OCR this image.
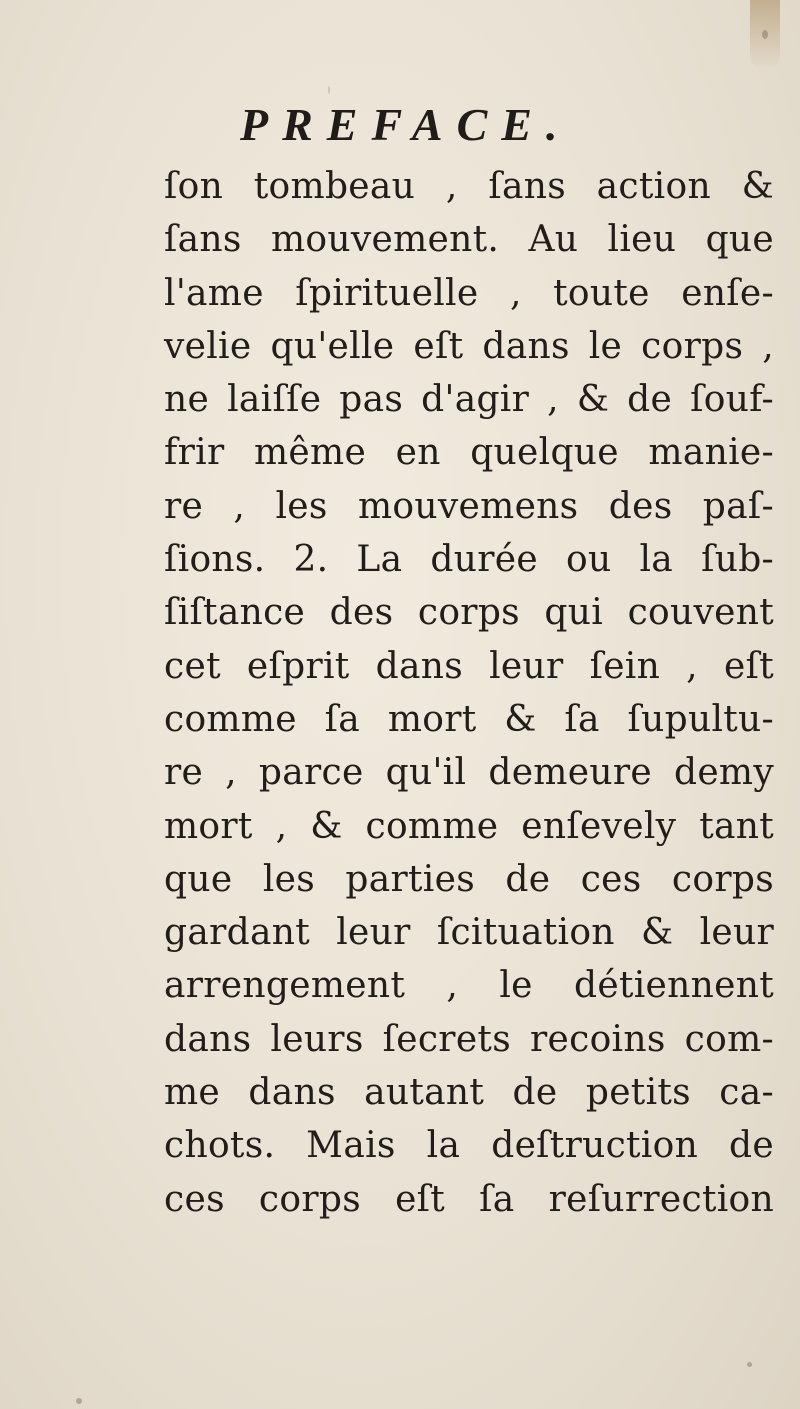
PREFACE.
ſon tombeau , ſans action &
ſans mouvement. Au lieu que
l'ame ſpirituelle , toute enſe-
velie qu'elle eſt dans le corps ,
ne laiſſe pas d'agir , & de ſouf-
frir même en quelque manie-
re , les mouvemens des paſ-
ſions. 2. La durée ou la ſub-
ſiſtance des corps qui couvent
cet eſprit dans leur ſein , eſt
comme ſa mort & ſa ſupultu-
re , parce qu'il demeure demy
mort , & comme enſevely tant
que les parties de ces corps
gardant leur ſcituation & leur
arrengement , le détiennent
dans leurs ſecrets recoins com-
me dans autant de petits ca-
chots. Mais la deſtruction de
ces corps eſt ſa reſurrection
